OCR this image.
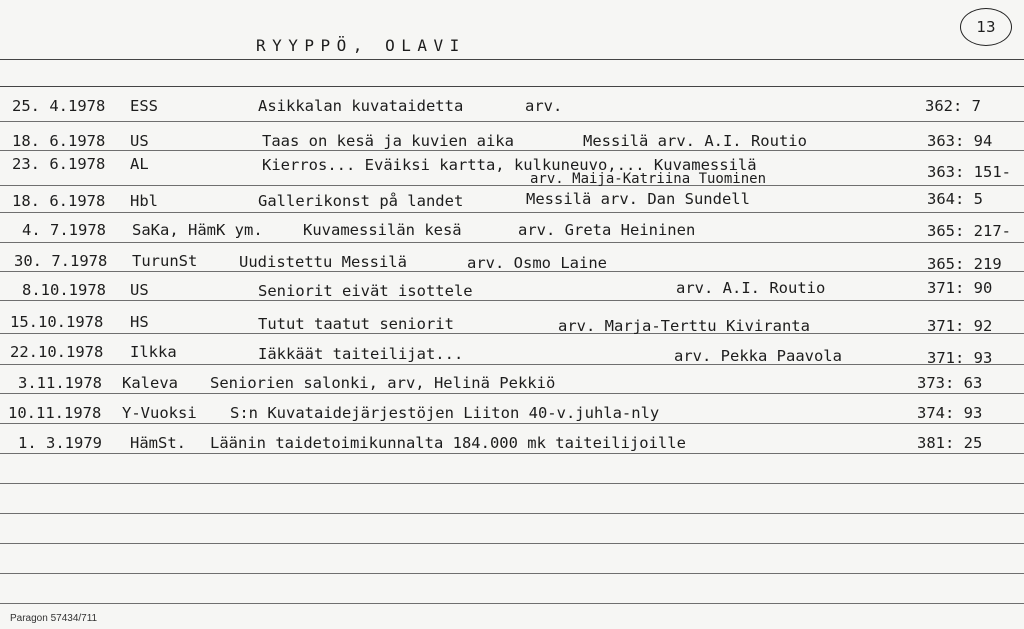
RYYPPÖ, OLAVI
13
25. 4.1978 ESS	Asikkalan kuvataidetta	arv.	362: 7
18. 6.1978 US	Taas on kesä ja kuvien aika	Messilä arv. A.I. Routio	363: 94
23. 6.1978 AL	Kierros... Eväiksi kartta, kulkuneuvo,... Kuvamessilä
arv. Maija-Katriina Tuominen	363: 151-
18. 6.1978 Hbl	Gallerikonst på landet	Messilä arv. Dan Sundell	364: 5
4. 7.1978 SaKa, HämK ym.	Kuvamessilän kesä	arv. Greta Heininen	365: 217-
30. 7.1978 TurunSt	Uudistettu Messilä	arv. Osmo Laine	365: 219
8.10.1978 US	Seniorit eivät isottele	arv. A.I. Routio	371: 90
15.10.1978 HS	Tutut taatut seniorit	arv. Marja-Terttu Kiviranta	371: 92
22.10.1978 Ilkka	Iäkkäät taiteilijat...	arv. Pekka Paavola	371: 93
3.11.1978 Kaleva Seniorien salonki, arv, Helinä Pekkiö	373: 63
10.11.1978 Y-Vuoksi S:n Kuvataidejärjestöjen Liiton 40-v.juhla-nly	374: 93
1. 3.1979 HämSt. Läänin taidetoimikunnalta 184.000 mk taiteilijoille	381: 25
Paragon 57434/711
